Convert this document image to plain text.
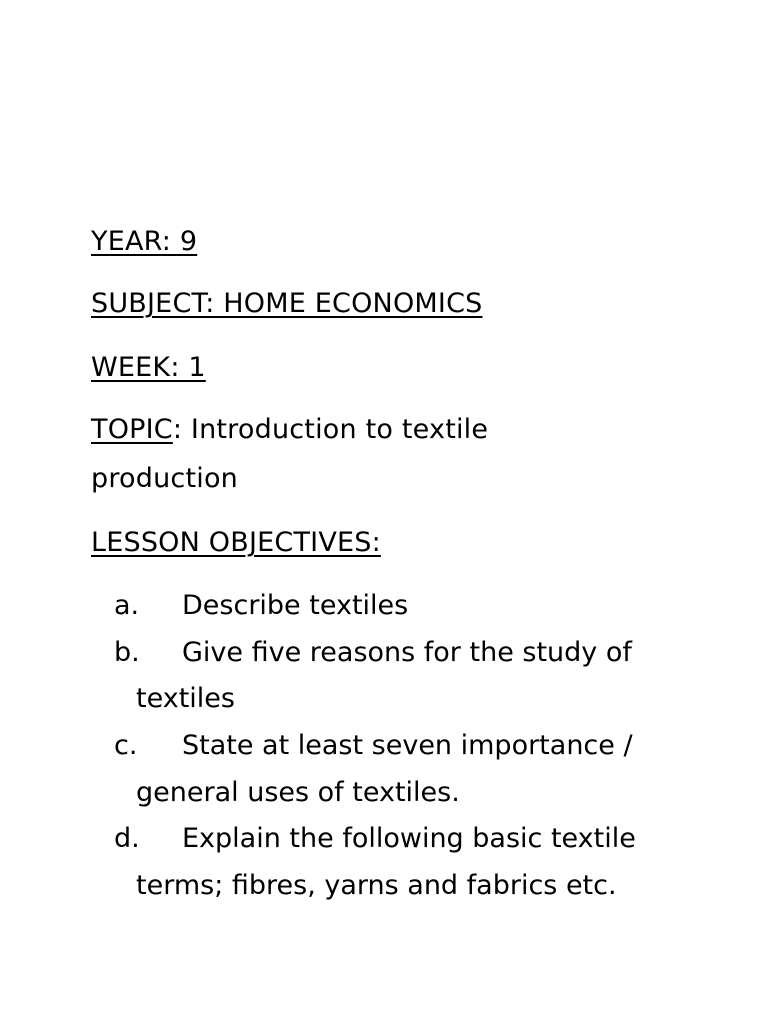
YEAR: 9
SUBJECT: HOME ECONOMICS
WEEK: 1
TOPIC: Introduction to textile
production
LESSON OBJECTIVES:
a. Describe textiles
b. Give five reasons for the study of
textiles
c. State at least seven importance /
general uses of textiles.
d. Explain the following basic textile
terms; fibres, yarns and fabrics etc.
